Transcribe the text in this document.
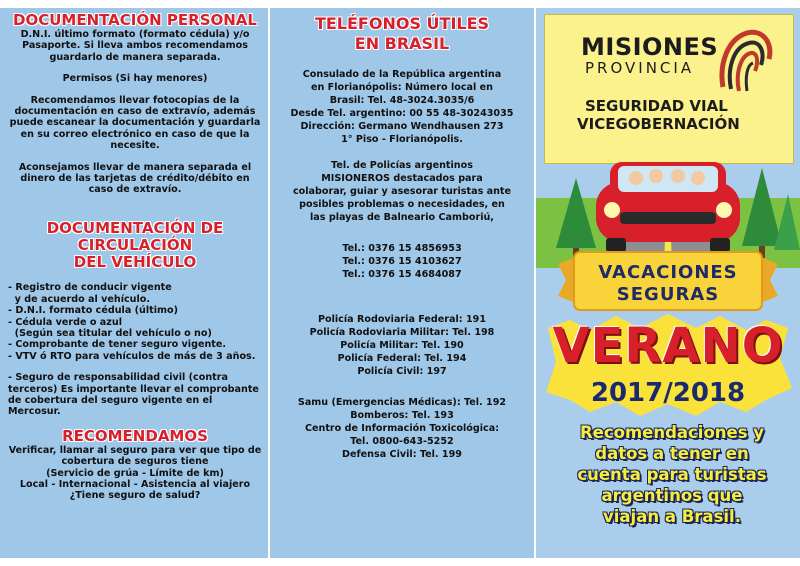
DOCUMENTACIÓN PERSONAL

D.N.I. último formato (formato cédula) y/o Pasaporte. Si lleva ambos recomendamos guardarlo de manera separada.

Permisos (Si hay menores)

Recomendamos llevar fotocopias de la documentación en caso de extravío, además puede escanear la documentación y guardarla en su correo electrónico en caso de que la necesite.

Aconsejamos llevar de manera separada el dinero de las tarjetas de crédito/débito en caso de extravío.

DOCUMENTACIÓN DE CIRCULACIÓN
DEL VEHÍCULO

- Registro de conducir vigente
y de acuerdo al vehículo.
- D.N.I. formato cédula (último)
- Cédula verde o azul
(Según sea titular del vehículo o no)
- Comprobante de tener seguro vigente.
- VTV ó RTO para vehículos de más de 3 años.

- Seguro de responsabilidad civil (contra terceros) Es importante llevar el comprobante de cobertura del seguro vigente en el Mercosur.

RECOMENDAMOS

Verificar, llamar al seguro para ver que tipo de
cobertura de seguros tiene
(Servicio de grúa - Límite de km)
Local - Internacional - Asistencia al viajero
¿Tiene seguro de salud?

TELÉFONOS ÚTILES
EN BRASIL

Consulado de la República argentina
en Florianópolis: Número local en
Brasil: Tel. 48-3024.3035/6
Desde Tel. argentino: 00 55 48-30243035
Dirección: Germano Wendhausen 273
1° Piso - Florianópolis.

Tel. de Policías argentinos
MISIONEROS destacados para
colaborar, guiar y asesorar turistas ante
posibles problemas o necesidades, en
las playas de Balneario Camboriú,

Tel.: 0376 15 4856953
Tel.: 0376 15 4103627
Tel.: 0376 15 4684087

Policía Rodoviaria Federal: 191
Policía Rodoviaria Militar: Tel. 198
Policía Militar: Tel. 190
Policía Federal: Tel. 194
Policía Civil: 197

Samu (Emergencias Médicas): Tel. 192
Bomberos: Tel. 193
Centro de Información Toxicológica:
Tel. 0800-643-5252
Defensa Civil: Tel. 199

MISIONES
PROVINCIA
SEGURIDAD VIAL
VICEGOBERNACIÓN
VACACIONES
SEGURAS
VERANO
2017/2018
Recomendaciones y
datos a tener en
cuenta para turistas
argentinos que
viajan a Brasil.
